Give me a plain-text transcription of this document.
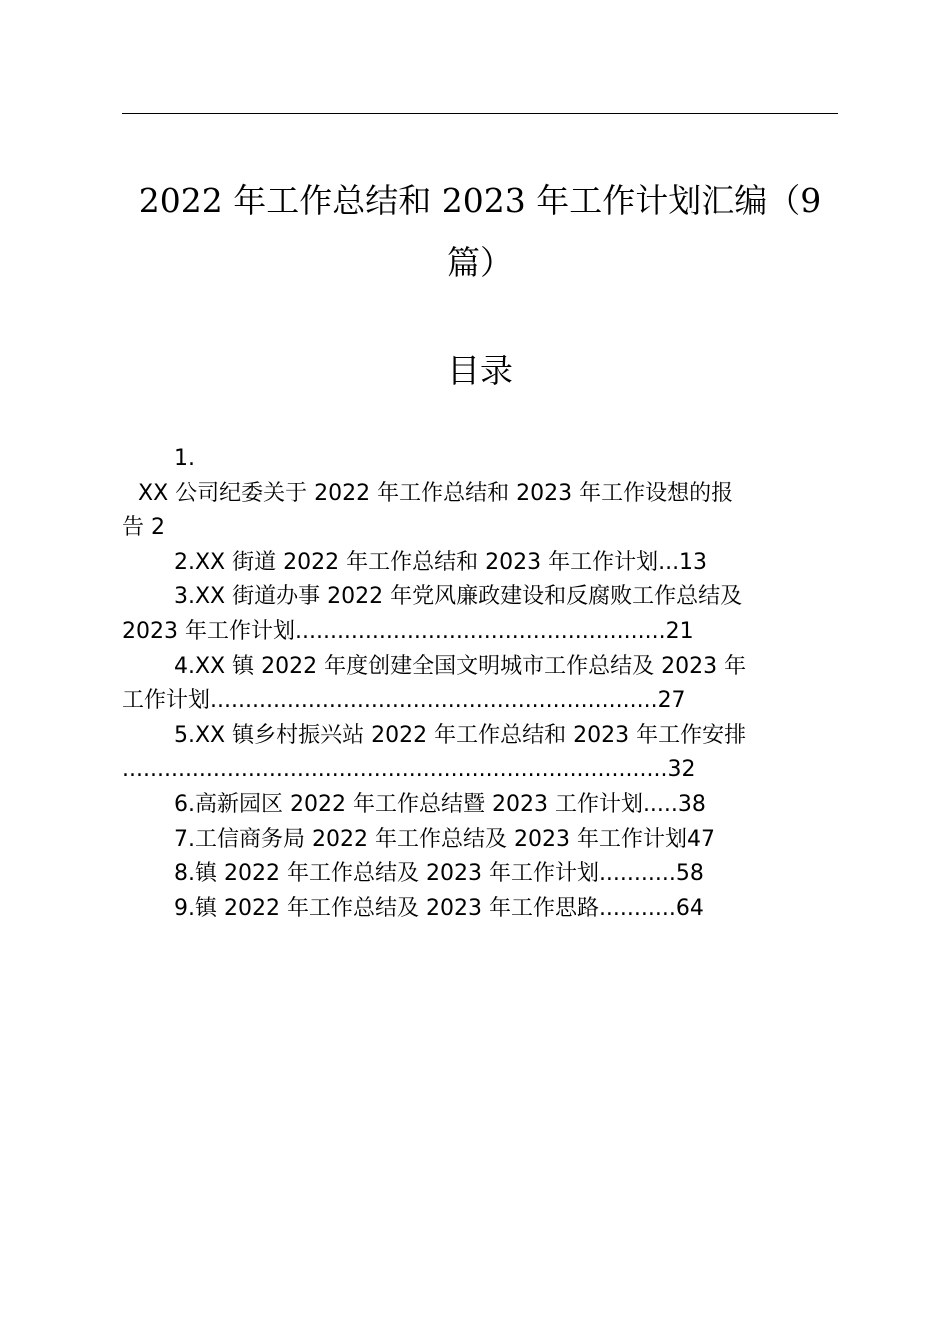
2022 年工作总结和 2023 年工作计划汇编（9
篇）
目录
1.
XX 公司纪委关于 2022 年工作总结和 2023 年工作设想的报
告 2
2.XX 街道 2022 年工作总结和 2023 年工作计划...13
3.XX 街道办事 2022 年党风廉政建设和反腐败工作总结及
2023 年工作计划.....................................................21
4.XX 镇 2022 年度创建全国文明城市工作总结及 2023 年
工作计划................................................................27
5.XX 镇乡村振兴站 2022 年工作总结和 2023 年工作安排
..............................................................................32
6.高新园区 2022 年工作总结暨 2023 工作计划.....38
7.工信商务局 2022 年工作总结及 2023 年工作计划47
8.镇 2022 年工作总结及 2023 年工作计划...........58
9.镇 2022 年工作总结及 2023 年工作思路...........64
